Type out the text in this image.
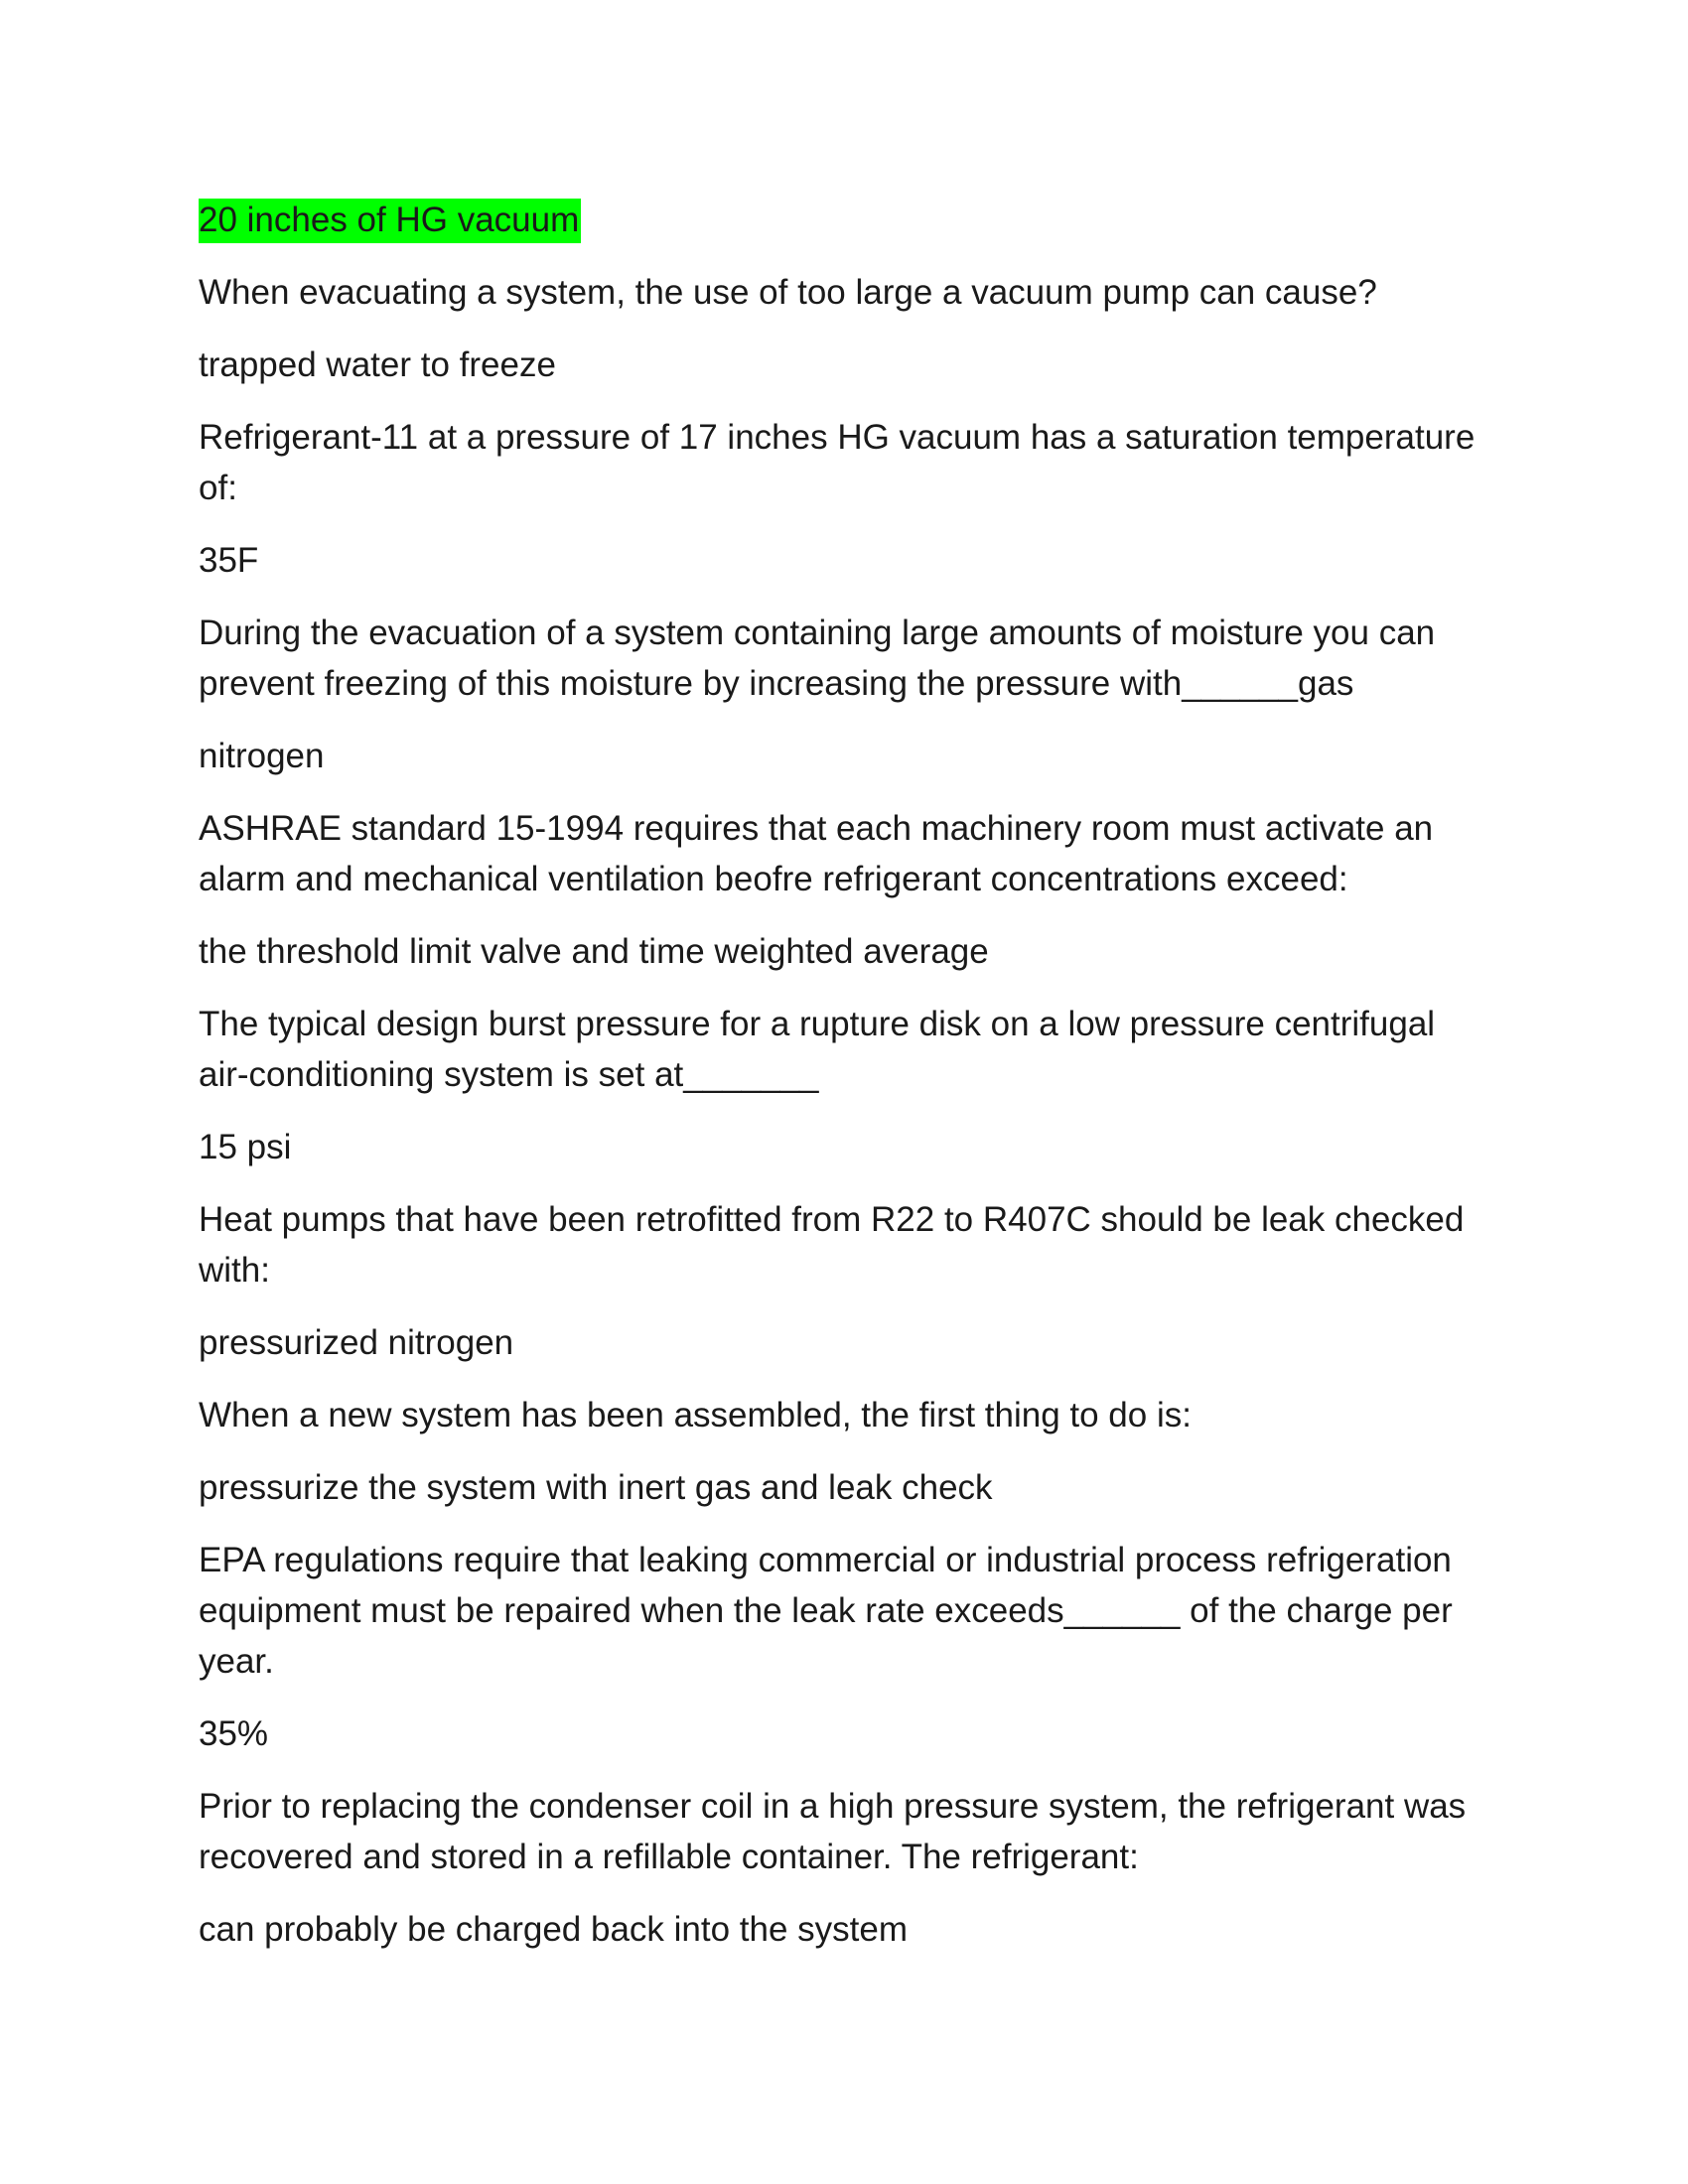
20 inches of HG vacuum

When evacuating a system, the use of too large a vacuum pump can cause?

trapped water to freeze

Refrigerant-11 at a pressure of 17 inches HG vacuum has a saturation temperature of:

35F

During the evacuation of a system containing large amounts of moisture you can prevent freezing of this moisture by increasing the pressure with______gas

nitrogen

ASHRAE standard 15-1994 requires that each machinery room must activate an alarm and mechanical ventilation beofre refrigerant concentrations exceed:

the threshold limit valve and time weighted average

The typical design burst pressure for a rupture disk on a low pressure centrifugal air-conditioning system is set at_______

15 psi

Heat pumps that have been retrofitted from R22 to R407C should be leak checked with:

pressurized nitrogen

When a new system has been assembled, the first thing to do is:

pressurize the system with inert gas and leak check

EPA regulations require that leaking commercial or industrial process refrigeration equipment must be repaired when the leak rate exceeds______ of the charge per year.

35%

Prior to replacing the condenser coil in a high pressure system, the refrigerant was recovered and stored in a refillable container. The refrigerant:

can probably be charged back into the system
